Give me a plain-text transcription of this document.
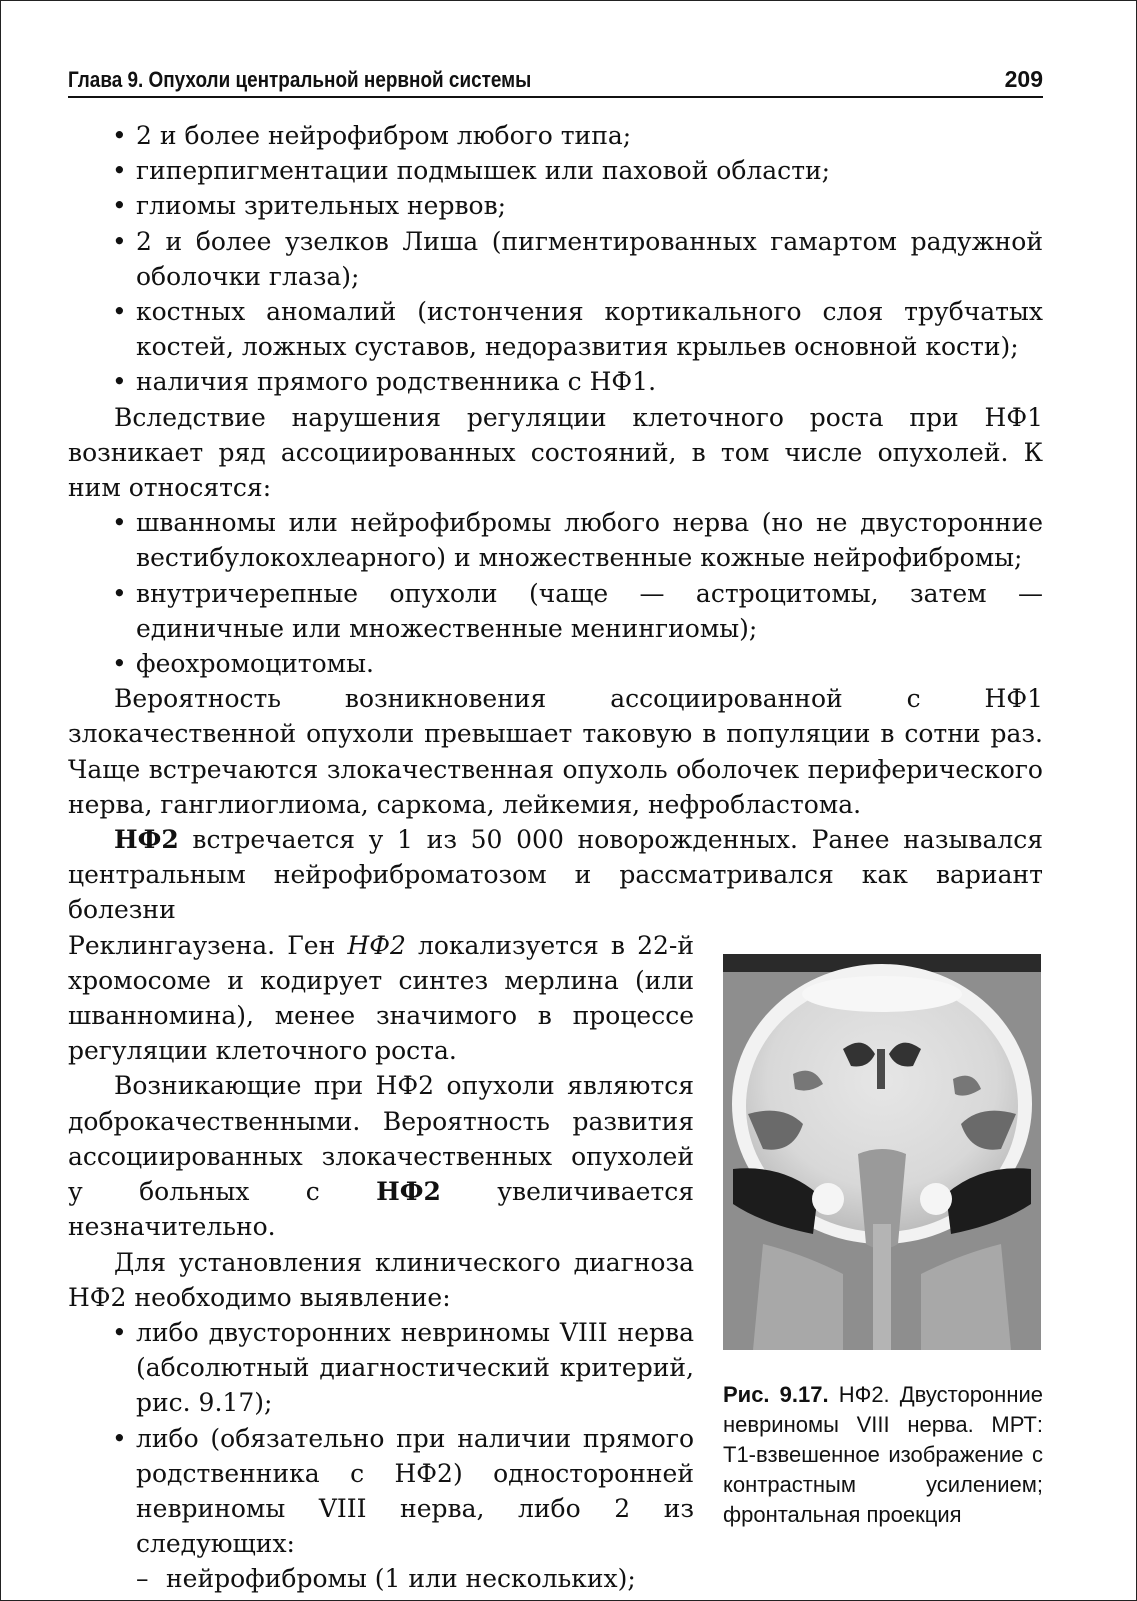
Глава 9. Опухоли центральной нервной системы	209
• 2 и более нейрофибром любого типа;
• гиперпигментации подмышек или паховой области;
• глиомы зрительных нервов;
• 2 и более узелков Лиша (пигментированных гамартом радужной оболочки глаза);
• костных аномалий (истончения кортикального слоя трубчатых костей, ложных суставов, недоразвития крыльев основной кости);
• наличия прямого родственника с НФ1.

Вследствие нарушения регуляции клеточного роста при НФ1 возникает ряд ассоциированных состояний, в том числе опухолей. К ним относятся:

• шванномы или нейрофибромы любого нерва (но не двусторонние вестибулокохлеарного) и множественные кожные нейрофибромы;
• внутричерепные опухоли (чаще — астроцитомы, затем — единичные или множественные менингиомы);
• феохромоцитомы.

Вероятность возникновения ассоциированной с НФ1 злокачественной опухоли превышает таковую в популяции в сотни раз. Чаще встречаются злокачественная опухоль оболочек периферического нерва, ганглиоглиома, саркома, лейкемия, нефробластома.

НФ2 встречается у 1 из 50 000 новорожденных. Ранее назывался центральным нейрофиброматозом и рассматривался как вариант болезни

Реклингаузена. Ген НФ2 локализуется в 22-й хромосоме и кодирует синтез мерлина (или шванномина), менее значимого в процессе регуляции клеточного роста.

Возникающие при НФ2 опухоли являются доброкачественными. Вероятность развития ассоциированных злокачественных опухолей у больных с НФ2 увеличивается незначительно.

Для установления клинического диагноза НФ2 необходимо выявление:

• либо двусторонних невриномы VIII нерва (абсолютный диагностический критерий, рис. 9.17);
• либо (обязательно при наличии прямого родственника с НФ2) односторонней невриномы VIII нерва, либо 2 из следующих:
– нейрофибромы (1 или нескольких);
Рис. 9.17. НФ2. Двусторонние невриномы VIII нерва. МРТ: Т1-взвешенное изображение с контрастным усилением; фронтальная проекция
